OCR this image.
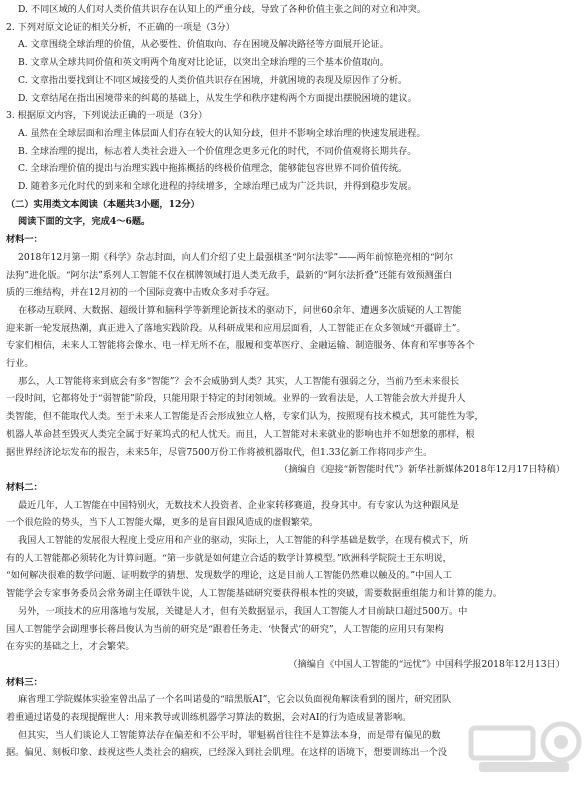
D. 不同区域的人们对人类价值共识存在认知上的严重分歧，导致了各种价值主张之间的对立和冲突。
2. 下列对原文论证的相关分析，不正确的一项是（3分）
A. 文章围绕全球治理的价值，从必要性、价值取向、存在困境及解决路径等方面展开论证。
B. 文章从全球共同价值和英文明两个角度对比论证，以突出全球治理的三个基本价值取向。
C. 文章指出要找到让不同区域接受的人类价值共识存在困境，并就困境的表现及原因作了分析。
D. 文章结尾在指出困境带来的纠葛的基础上，从发生学和秩序建构两个方面提出摆脱困境的建议。
3. 根据原文内容，下列说法正确的一项是（3分）
A. 虽然在全球层面和治理主体层面人们存在较大的认知分歧，但并不影响全球治理的快速发展进程。
B. 全球治理的提出，标志着人类社会进入一个价值理念更多元化的时代，不同价值观将长期共存。
C. 全球治理价值的提出与治理实践中拖拣概括的终极价值理念，能够能包容世界不同价值传统。
D. 随着多元化时代的到来和全球化进程的持续增多，全球治理已成为广泛共识，并得到稳步发展。
（二）实用类文本阅读（本题共3小题，12分）
阅读下面的文字，完成4～6题。
材料一：
2018年12月第一期《科学》杂志封面，向人们介绍了史上最强棋圣“阿尔法零”——两年前惊艳亮相的“阿尔
法狗”进化版。“阿尔法”系列人工智能不仅在棋牌领域打退人类无敌手，最新的“阿尔法折叠”还能有效预测蛋白
质的三维结构，并在12月初的一个国际竞赛中击败众多对手夺冠。
在移动互联网、大数据、超级计算和脑科学等新理论新技术的驱动下，问世60余年、遭遇多次质疑的人工智能
迎来新一轮发展热潮，真正进入了落地实践阶段。从科研成果和应用层面看，人工智能正在众多领域“开疆辟土”。
专家们相信，未来人工智能将会像水、电一样无所不在，服履和变革医疗、金融运输、制造服务、体育和军事等各个
行业。
那么，人工智能将来到底会有多“智能”？会不会威胁到人类？其实，人工智能有强弱之分，当前乃至未来很长
一段时间，它都将处于“弱智能”阶段，只能用限于特定的封闭领域。业界的一致看法是，人工智能会放大并提升人
类智能，但不能取代人类。至于未来人工智能是否会形成独立人格，专家们认为，按照现有技术模式，其可能性为零，
机器人革命甚至毁灭人类完全属于好莱坞式的杞人忧天。而且，人工智能对未来就业的影响也并不如想象的那样，根
据世界经济论坛发布的报告，未来5年，尽管7500万份工作将被机器取代，但1.33亿新工作将同步产生。
（摘编自《迎接“新智能时代”》新华社新媒体2018年12月17日特稿）
材料二：
最近几年，人工智能在中国特别火，无数技术人投资者、企业家转移赛道，投身其中。有专家认为这种跟风是
一个很危险的势头，当下人工智能火爆，更多的是盲目跟风造成的虚假繁荣。
我国人工智能的发展很大程度上受应用和产业的驱动，实际上，人工智能的科学基础是数学，在现有模式下，所
有的人工智能都必须转化为计算问题。“第一步就是如何建立合适的数学计算模型。”欧洲科学院院士王东明说，
“如何解决很难的数学问题、证明数学的猜想、发现数学的理论，这是目前人工智能仍然难以触及的。”中国人工
智能学会专家事务委员会常务副主任谭铁牛说，人工智能基础研究要获得根本性的突破，需要数据重组能力和计算的能力。
另外，一项技术的应用落地与发展，关键是人才，但有关数据显示，我国人工智能人才目前缺口超过500万。中
国人工智能学会副理事长蒋昌俊认为当前的研究是“跟着任务走、‘快餐式’的研究”，人工智能的应用只有架构
在夯实的基础之上，才会繁荣。
（摘编自《中国人工智能的“远忧”》中国科学报2018年12月13日）
材料三：
麻省理工学院媒体实验室曾出品了一个名叫诺曼的“暗黑版AI”，它会以负面视角解读看到的图片，研究团队
着重通过诺曼的表现提醒世人：用来教导或训练机器学习算法的数据，会对AI的行为造成显著影响。
但其实，当人们谈论人工智能算法存在偏差和不公平时，罪魁祸首往往不是算法本身，而是带有偏见的数
据。偏见、刻板印象、歧视这些人类社会的痼疾，已经深入到社会肌理。在这样的语境下，想要训练出一个没
